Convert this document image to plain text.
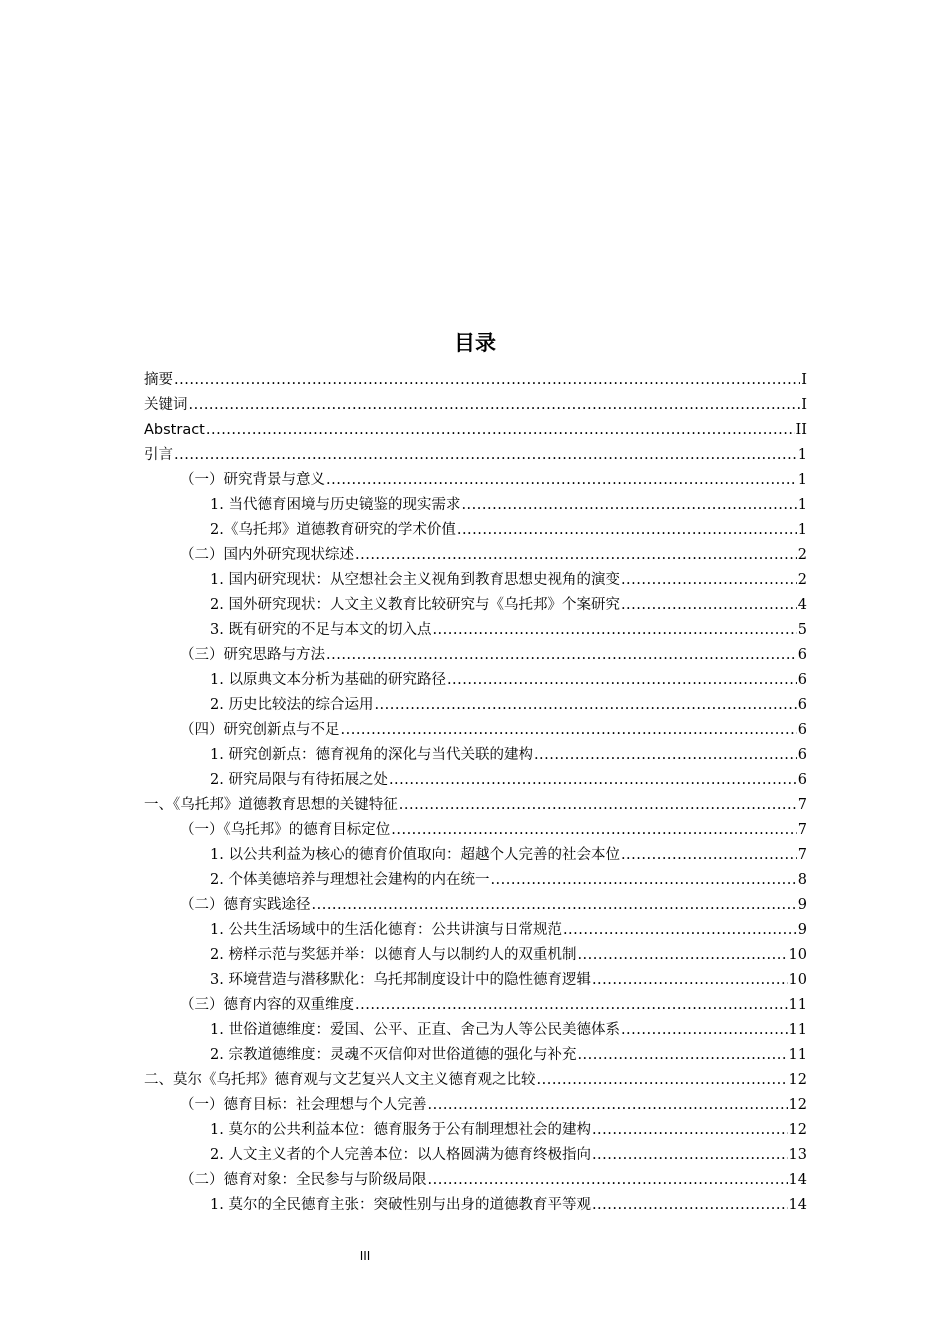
目录
摘要 .....	I
关键词 .....	I
Abstract .....	II
引言 .....	1
（一）研究背景与意义 .....	1
1. 当代德育困境与历史镜鉴的现实需求 .....	1
2.《乌托邦》道德教育研究的学术价值 .....	1
（二）国内外研究现状综述 .....	2
1. 国内研究现状：从空想社会主义视角到教育思想史视角的演变 .....	2
2. 国外研究现状：人文主义教育比较研究与《乌托邦》个案研究 .....	4
3. 既有研究的不足与本文的切入点 .....	5
（三）研究思路与方法 .....	6
1. 以原典文本分析为基础的研究路径 .....	6
2. 历史比较法的综合运用 .....	6
（四）研究创新点与不足 .....	6
1. 研究创新点：德育视角的深化与当代关联的建构 .....	6
2. 研究局限与有待拓展之处 .....	6
一、《乌托邦》道德教育思想的关键特征 .....	7
（一）《乌托邦》的德育目标定位 .....	7
1. 以公共利益为核心的德育价值取向：超越个人完善的社会本位 .....	7
2. 个体美德培养与理想社会建构的内在统一 .....	8
（二）德育实践途径 .....	9
1. 公共生活场域中的生活化德育：公共讲演与日常规范 .....	9
2. 榜样示范与奖惩并举：以德育人与以制约人的双重机制 .....	10
3. 环境营造与潜移默化：乌托邦制度设计中的隐性德育逻辑 .....	10
（三）德育内容的双重维度 .....	11
1. 世俗道德维度：爱国、公平、正直、舍己为人等公民美德体系 .....	11
2. 宗教道德维度：灵魂不灭信仰对世俗道德的强化与补充 .....	11
二、莫尔《乌托邦》德育观与文艺复兴人文主义德育观之比较 .....	12
（一）德育目标：社会理想与个人完善 .....	12
1. 莫尔的公共利益本位：德育服务于公有制理想社会的建构 .....	12
2. 人文主义者的个人完善本位：以人格圆满为德育终极指向 .....	13
（二）德育对象：全民参与与阶级局限 .....	14
1. 莫尔的全民德育主张：突破性别与出身的道德教育平等观 .....	14
III
